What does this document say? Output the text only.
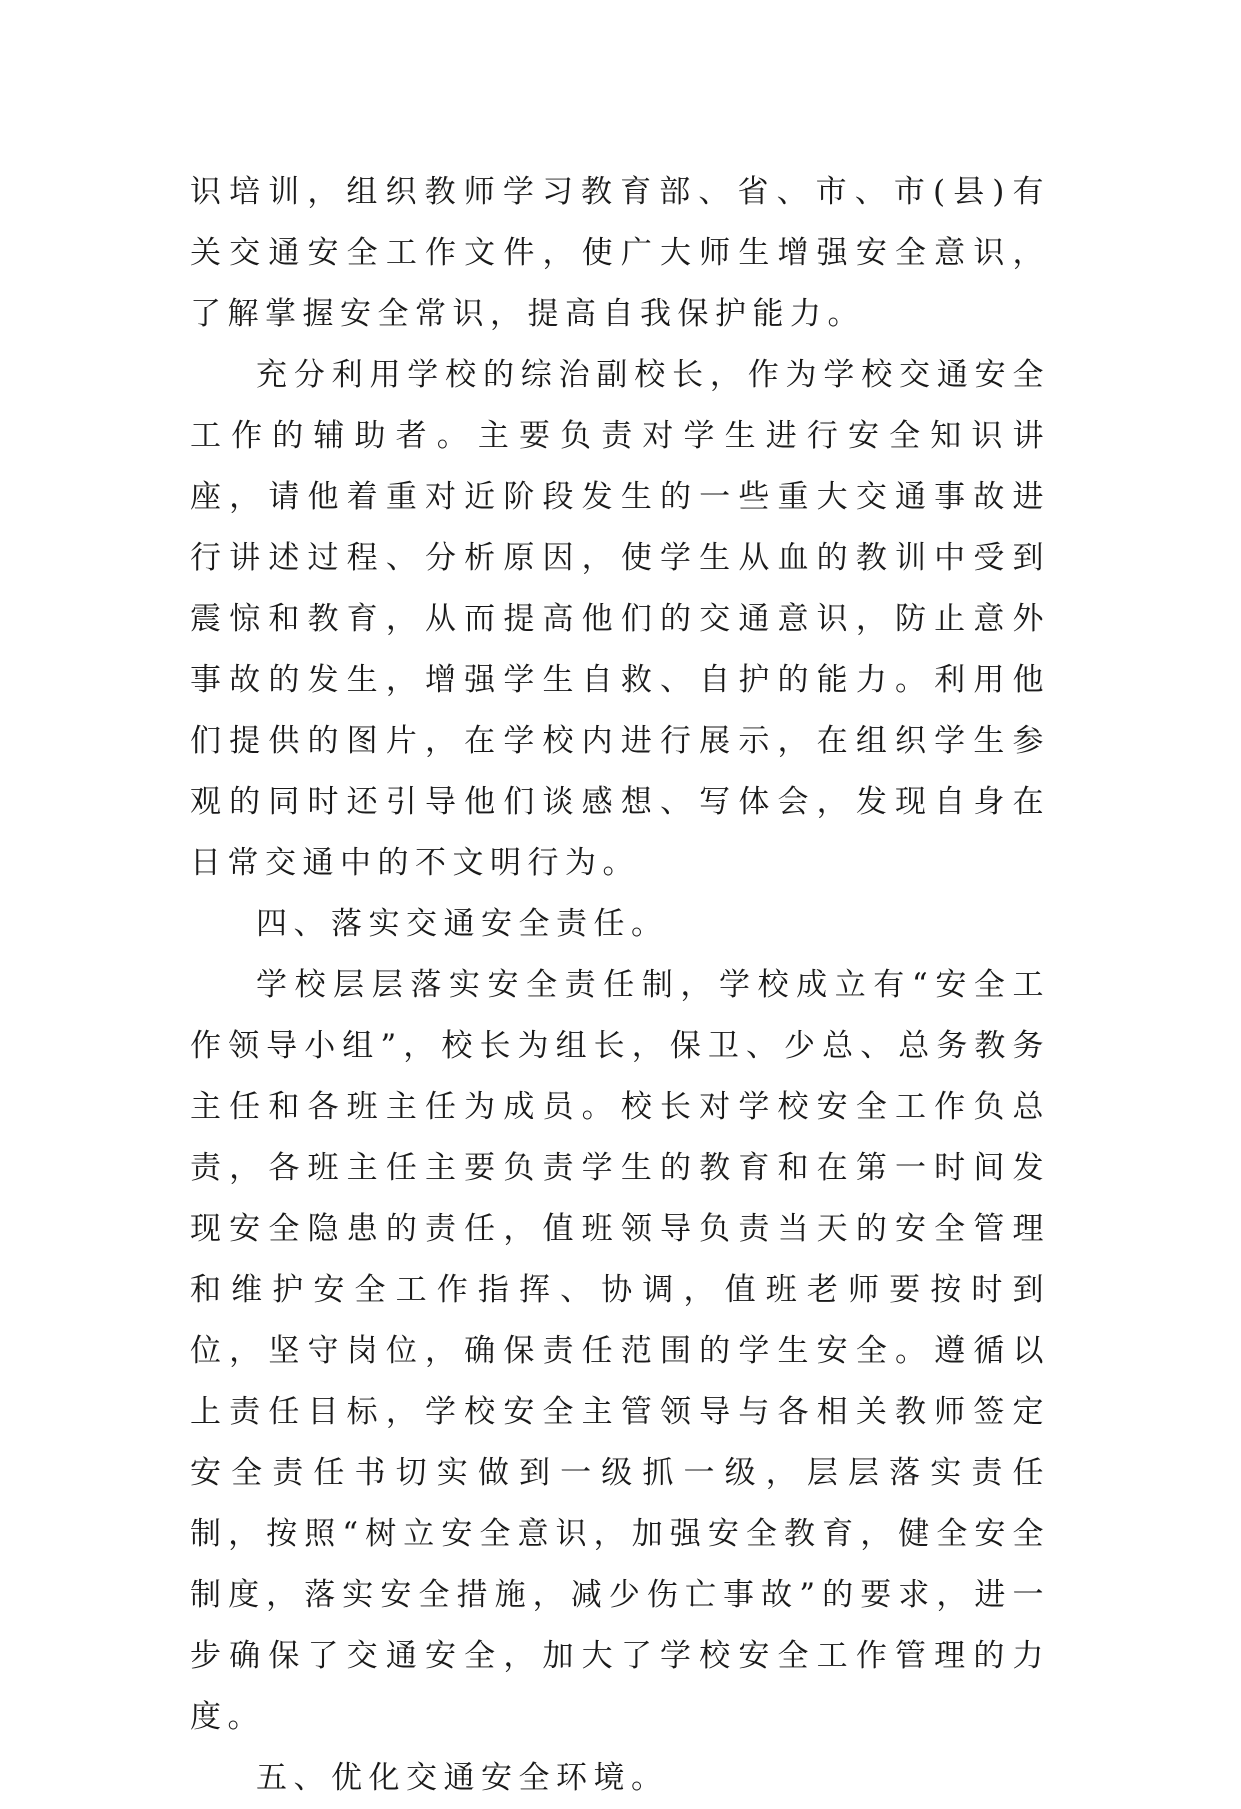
识培训，组织教师学习教育部、省、市、市(县)有关交通安全工作文件，使广大师生增强安全意识，了解掌握安全常识，提高自我保护能力。

充分利用学校的综治副校长，作为学校交通安全工作的辅助者。主要负责对学生进行安全知识讲座，请他着重对近阶段发生的一些重大交通事故进行讲述过程、分析原因，使学生从血的教训中受到震惊和教育，从而提高他们的交通意识，防止意外事故的发生，增强学生自救、自护的能力。利用他们提供的图片，在学校内进行展示，在组织学生参观的同时还引导他们谈感想、写体会，发现自身在日常交通中的不文明行为。

四、落实交通安全责任。

学校层层落实安全责任制，学校成立有“安全工作领导小组”，校长为组长，保卫、少总、总务教务主任和各班主任为成员。校长对学校安全工作负总责，各班主任主要负责学生的教育和在第一时间发现安全隐患的责任，值班领导负责当天的安全管理和维护安全工作指挥、协调，值班老师要按时到位，坚守岗位，确保责任范围的学生安全。遵循以上责任目标，学校安全主管领导与各相关教师签定安全责任书切实做到一级抓一级，层层落实责任制，按照“树立安全意识，加强安全教育，健全安全制度，落实安全措施，减少伤亡事故”的要求，进一步确保了交通安全，加大了学校安全工作管理的力度。

五、优化交通安全环境。
